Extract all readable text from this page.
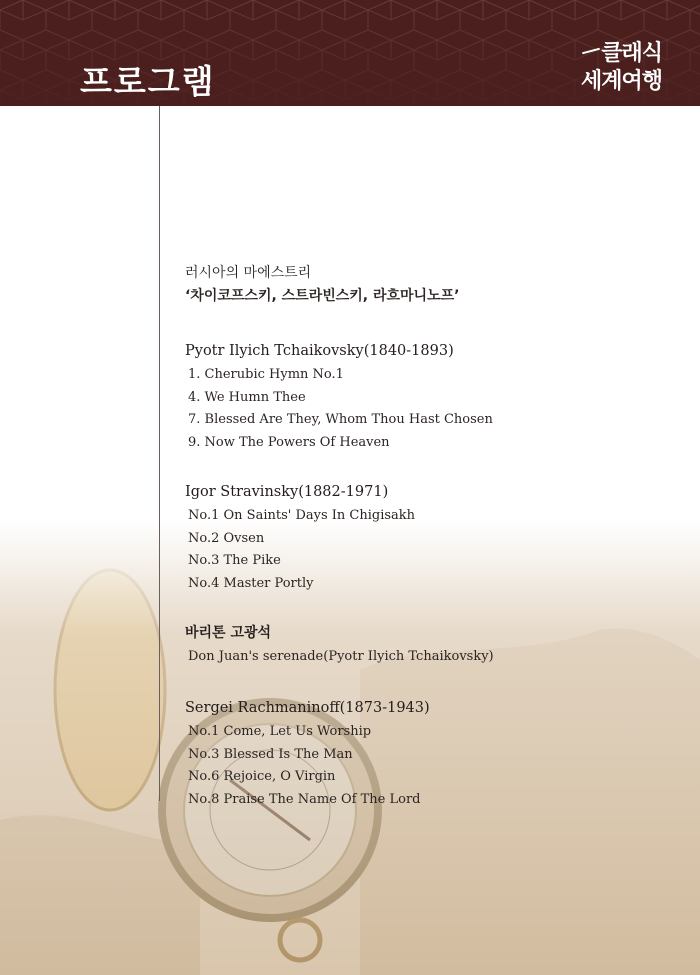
프로그램
클래식
세계여행
러시아의 마에스트리
‘차이코프스키, 스트라빈스키, 라흐마니노프’
Pyotr Ilyich Tchaikovsky(1840-1893)
1. Cherubic Hymn No.1
4. We Humn Thee
7. Blessed Are They, Whom Thou Hast Chosen
9. Now The Powers Of Heaven
Igor Stravinsky(1882-1971)
No.1 On Saints' Days In Chigisakh
No.2 Ovsen
No.3 The Pike
No.4 Master Portly
바리톤 고광석
Don Juan's serenade(Pyotr Ilyich Tchaikovsky)
Sergei Rachmaninoff(1873-1943)
No.1 Come, Let Us Worship
No.3 Blessed Is The Man
No.6 Rejoice, O Virgin
No.8 Praise The Name Of The Lord
